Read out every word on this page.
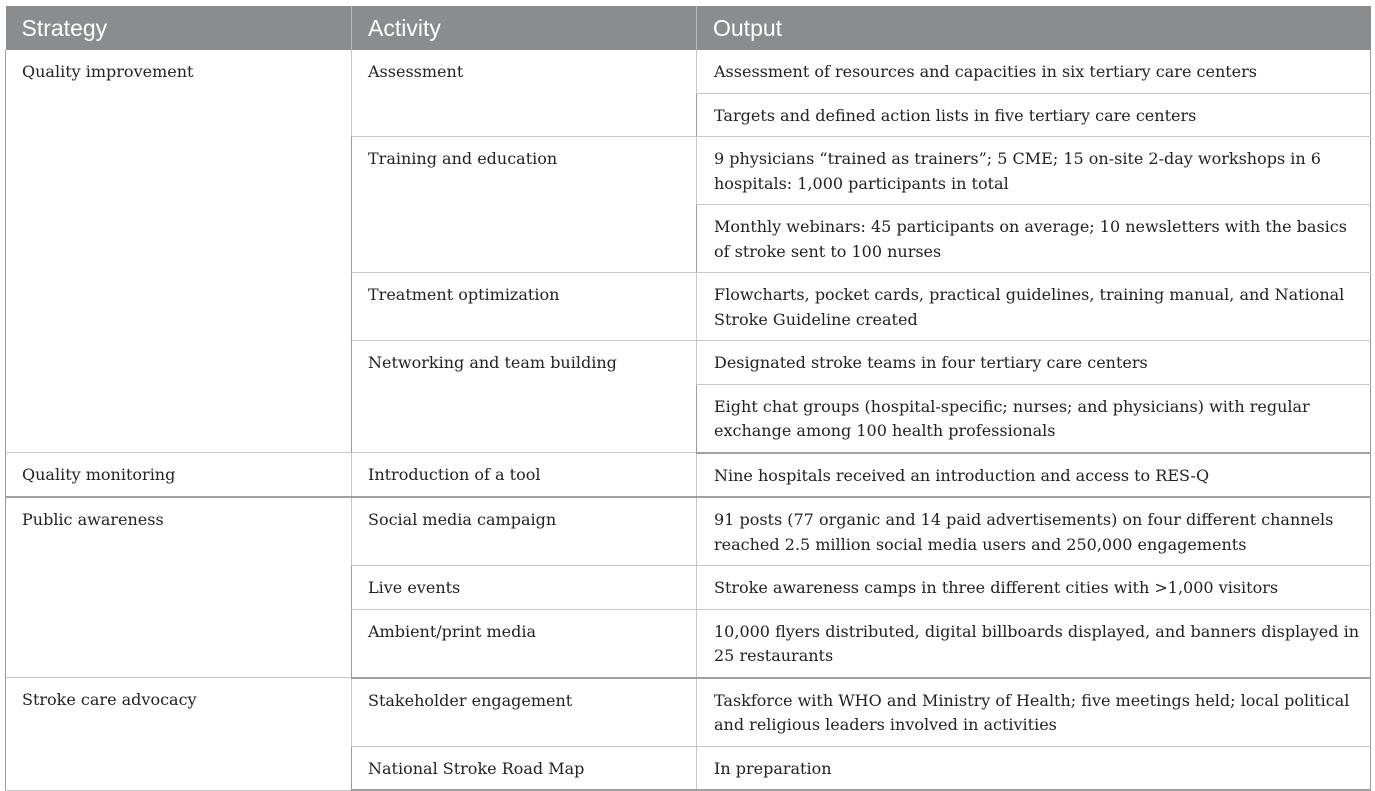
Strategy	Activity	Output
Quality improvement	Assessment	Assessment of resources and capacities in six tertiary care centers
		Targets and defined action lists in five tertiary care centers
	Training and education	9 physicians “trained as trainers”; 5 CME; 15 on-site 2-day workshops in 6 hospitals: 1,000 participants in total
		Monthly webinars: 45 participants on average; 10 newsletters with the basics of stroke sent to 100 nurses
	Treatment optimization	Flowcharts, pocket cards, practical guidelines, training manual, and National Stroke Guideline created
	Networking and team building	Designated stroke teams in four tertiary care centers
		Eight chat groups (hospital-specific; nurses; and physicians) with regular exchange among 100 health professionals
Quality monitoring	Introduction of a tool	Nine hospitals received an introduction and access to RES-Q
Public awareness	Social media campaign	91 posts (77 organic and 14 paid advertisements) on four different channels reached 2.5 million social media users and 250,000 engagements
	Live events	Stroke awareness camps in three different cities with >1,000 visitors
	Ambient/print media	10,000 flyers distributed, digital billboards displayed, and banners displayed in 25 restaurants
Stroke care advocacy	Stakeholder engagement	Taskforce with WHO and Ministry of Health; five meetings held; local political and religious leaders involved in activities
	National Stroke Road Map	In preparation
